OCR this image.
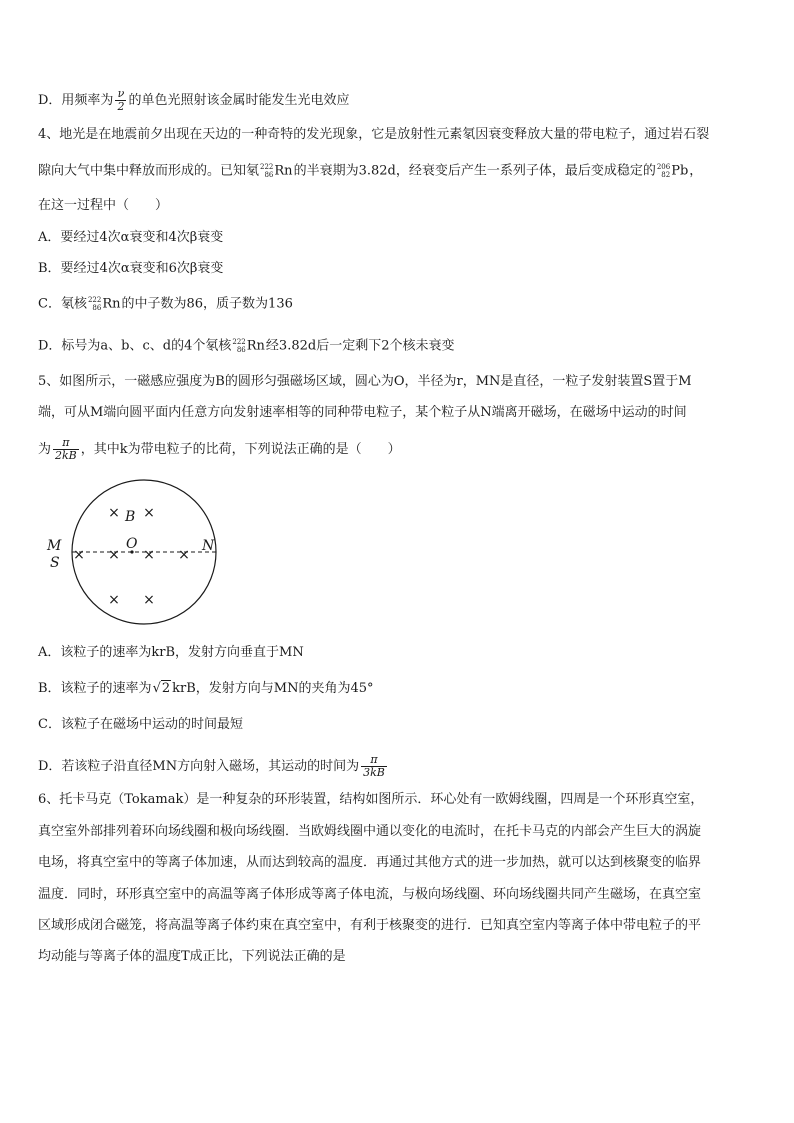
D．用频率为 $\frac{\nu}{2}$ 的单色光照射该金属时能发生光电效应
4、地光是在地震前夕出现在天边的一种奇特的发光现象，它是放射性元素氡因衰变释放大量的带电粒子，通过岩石裂
隙向大气中集中释放而形成的。已知氡 222
86 Rn的半衰期为3.82d，经衰变后产生一系列子体，最后变成稳定的 206
82 Pb，
在这一过程中（　　）
A．要经过4次α衰变和4次β衰变
B．要经过4次α衰变和6次β衰变
C．氡核 222
86 Rn的中子数为86，质子数为136
D．标号为a、b、c、d的4个氡核 222
86 Rn经3.82d后一定剩下2个核未衰变
5、如图所示，一磁感应强度为B的圆形匀强磁场区域，圆心为O，半径为r，MN是直径，一粒子发射装置S置于M
端，可从M端向圆平面内任意方向发射速率相等的同种带电粒子，某个粒子从N端离开磁场，在磁场中运动的时间
为 $\frac{\pi}{2kB}$ ，其中k为带电粒子的比荷，下列说法正确的是（　　）
× ×
× × × ×
× ×
B
O
M
S
N
A．该粒子的速率为krB，发射方向垂直于MN
B．该粒子的速率为√2 krB，发射方向与MN的夹角为45°
C．该粒子在磁场中运动的时间最短
D．若该粒子沿直径MN方向射入磁场，其运动的时间为 $\frac{\pi}{3kB}$
6、托卡马克（Tokamak）是一种复杂的环形装置，结构如图所示．环心处有一欧姆线圈，四周是一个环形真空室，
真空室外部排列着环向场线圈和极向场线圈．当欧姆线圈中通以变化的电流时，在托卡马克的内部会产生巨大的涡旋
电场，将真空室中的等离子体加速，从而达到较高的温度．再通过其他方式的进一步加热，就可以达到核聚变的临界
温度．同时，环形真空室中的高温等离子体形成等离子体电流，与极向场线圈、环向场线圈共同产生磁场，在真空室
区域形成闭合磁笼，将高温等离子体约束在真空室中，有利于核聚变的进行．已知真空室内等离子体中带电粒子的平
均动能与等离子体的温度T成正比，下列说法正确的是
